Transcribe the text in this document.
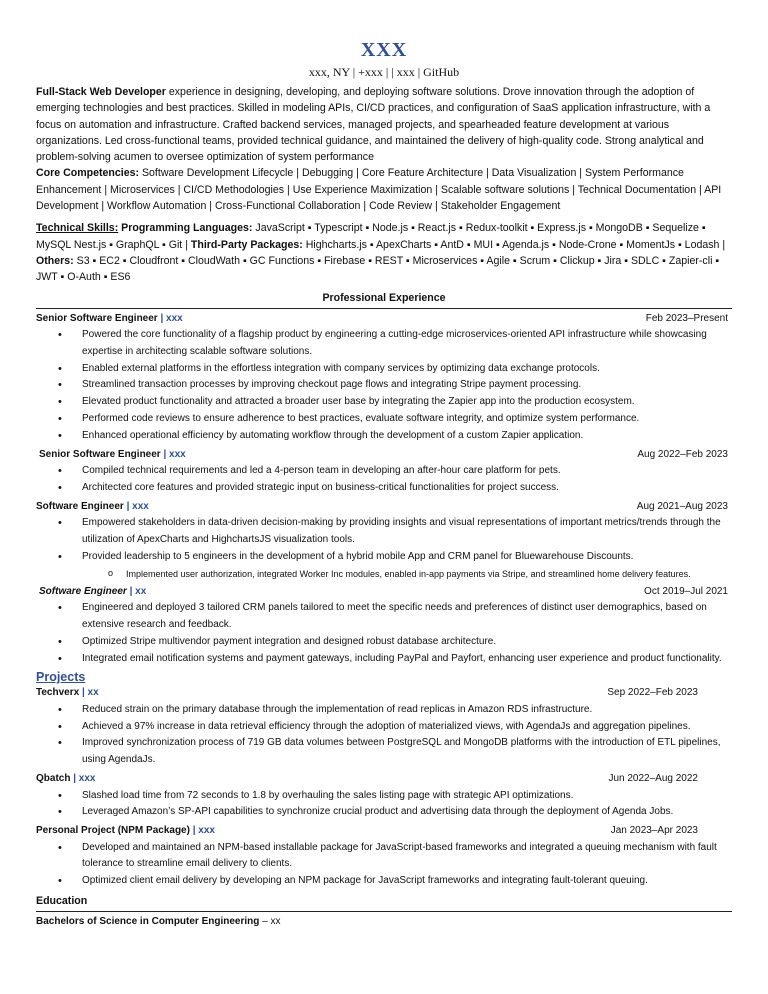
XXX
xxx, NY | +xxx | | xxx | GitHub
Full-Stack Web Developer experience in designing, developing, and deploying software solutions. Drove innovation through the adoption of emerging technologies and best practices. Skilled in modeling APIs, CI/CD practices, and configuration of SaaS application infrastructure, with a focus on automation and infrastructure. Crafted backend services, managed projects, and spearheaded feature development at various organizations. Led cross-functional teams, provided technical guidance, and maintained the delivery of high-quality code. Strong analytical and problem-solving acumen to oversee optimization of system performance
Core Competencies: Software Development Lifecycle | Debugging | Core Feature Architecture | Data Visualization | System Performance Enhancement | Microservices | CI/CD Methodologies | Use Experience Maximization | Scalable software solutions | Technical Documentation | API Development | Workflow Automation | Cross-Functional Collaboration | Code Review | Stakeholder Engagement
Technical Skills: Programming Languages: JavaScript ▪ Typescript ▪ Node.js ▪ React.js ▪ Redux-toolkit ▪ Express.js ▪ MongoDB ▪ Sequelize ▪ MySQL Nest.js ▪ GraphQL ▪ Git | Third-Party Packages: Highcharts.js ▪ ApexCharts ▪ AntD ▪ MUI ▪ Agenda.js ▪ Node-Crone ▪ MomentJs ▪ Lodash | Others: S3 ▪ EC2 ▪ Cloudfront ▪ CloudWath ▪ GC Functions ▪ Firebase ▪ REST ▪ Microservices ▪ Agile ▪ Scrum ▪ Clickup ▪ Jira ▪ SDLC ▪ Zapier-cli ▪ JWT ▪ O-Auth ▪ ES6
Professional Experience
Senior Software Engineer | xxx	Feb 2023–Present
• Powered the core functionality of a flagship product by engineering a cutting-edge microservices-oriented API infrastructure while showcasing expertise in architecting scalable software solutions.
• Enabled external platforms in the effortless integration with company services by optimizing data exchange protocols.
• Streamlined transaction processes by improving checkout page flows and integrating Stripe payment processing.
• Elevated product functionality and attracted a broader user base by integrating the Zapier app into the production ecosystem.
• Performed code reviews to ensure adherence to best practices, evaluate software integrity, and optimize system performance.
• Enhanced operational efficiency by automating workflow through the development of a custom Zapier application.
Senior Software Engineer | xxx	Aug 2022–Feb 2023
• Compiled technical requirements and led a 4-person team in developing an after-hour care platform for pets.
• Architected core features and provided strategic input on business-critical functionalities for project success.
Software Engineer | xxx	Aug 2021–Aug 2023
• Empowered stakeholders in data-driven decision-making by providing insights and visual representations of important metrics/trends through the utilization of ApexCharts and HighchartsJS visualization tools.
• Provided leadership to 5 engineers in the development of a hybrid mobile App and CRM panel for Bluewarehouse Discounts.
o Implemented user authorization, integrated Worker Inc modules, enabled in-app payments via Stripe, and streamlined home delivery features.
Software Engineer | xx	Oct 2019–Jul 2021
• Engineered and deployed 3 tailored CRM panels tailored to meet the specific needs and preferences of distinct user demographics, based on extensive research and feedback.
• Optimized Stripe multivendor payment integration and designed robust database architecture.
• Integrated email notification systems and payment gateways, including PayPal and Payfort, enhancing user experience and product functionality.
Projects
Techverx | xx	Sep 2022–Feb 2023
• Reduced strain on the primary database through the implementation of read replicas in Amazon RDS infrastructure.
• Achieved a 97% increase in data retrieval efficiency through the adoption of materialized views, with AgendaJs and aggregation pipelines.
• Improved synchronization process of 719 GB data volumes between PostgreSQL and MongoDB platforms with the introduction of ETL pipelines, using AgendaJs.
Qbatch | xxx	Jun 2022–Aug 2022
• Slashed load time from 72 seconds to 1.8 by overhauling the sales listing page with strategic API optimizations.
• Leveraged Amazon’s SP-API capabilities to synchronize crucial product and advertising data through the deployment of Agenda Jobs.
Personal Project (NPM Package) | xxx	Jan 2023–Apr 2023
• Developed and maintained an NPM-based installable package for JavaScript-based frameworks and integrated a queuing mechanism with fault tolerance to streamline email delivery to clients.
• Optimized client email delivery by developing an NPM package for JavaScript frameworks and integrating fault-tolerant queuing.
Education
Bachelors of Science in Computer Engineering – xx
